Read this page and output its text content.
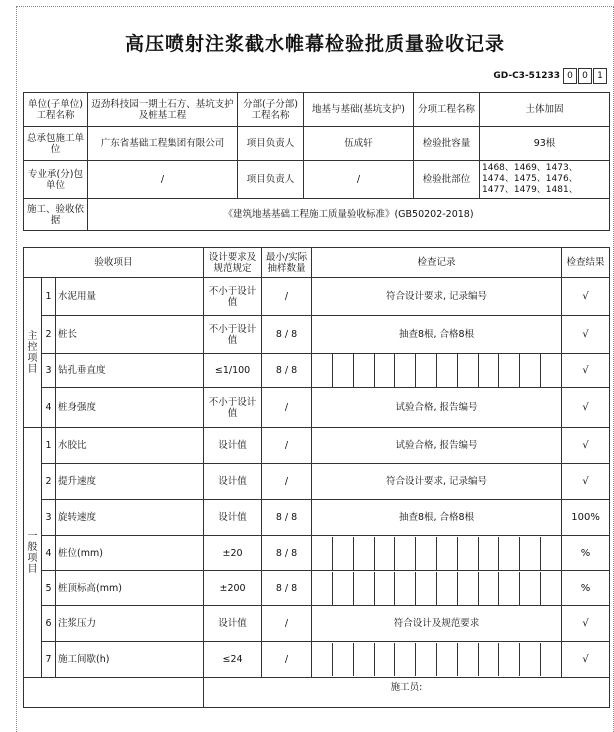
高压喷射注浆截水帷幕检验批质量验收记录
GD-C3-51233 0	0	1
单位(子单位)工程名称	迈劲科技园一期土石方、基坑支护及桩基工程	分部(子分部)工程名称	地基与基础(基坑支护)	分项工程名称	土体加固
总承包施工单位	广东省基础工程集团有限公司	项目负责人	伍成轩	检验批容量	93根
专业承(分)包单位	/	项目负责人	/	检验批部位	1468、1469、1473、1474、1475、1476、1477、1479、1481、
施工、验收依据	《建筑地基基础工程施工质量验收标准》(GB50202-2018)				
验收项目			设计要求及规范规定	最小/实际抽样数量	检查记录	检查结果

主
控
项
目	1	水泥用量	不小于设计值	/	符合设计要求, 记录编号	√
	2	桩长	不小于设计值	8 / 8	抽查8根, 合格8根	√
	3	钻孔垂直度	≤1/100	8 / 8		√
	4	桩身强度	不小于设计值	/	试验合格, 报告编号	√

一
般
项
目	1	水胶比	设计值	/	试验合格, 报告编号	√
	2	提升速度	设计值	/	符合设计要求, 记录编号	√
	3	旋转速度	设计值	8 / 8	抽查8根, 合格8根	100%
	4	桩位(mm)	±20	8 / 8		%
	5	桩顶标高(mm)	±200	8 / 8		%
	6	注浆压力	设计值	/	符合设计及规范要求	√
	7	施工间歇(h)	≤24	/		√
			施工员:			
